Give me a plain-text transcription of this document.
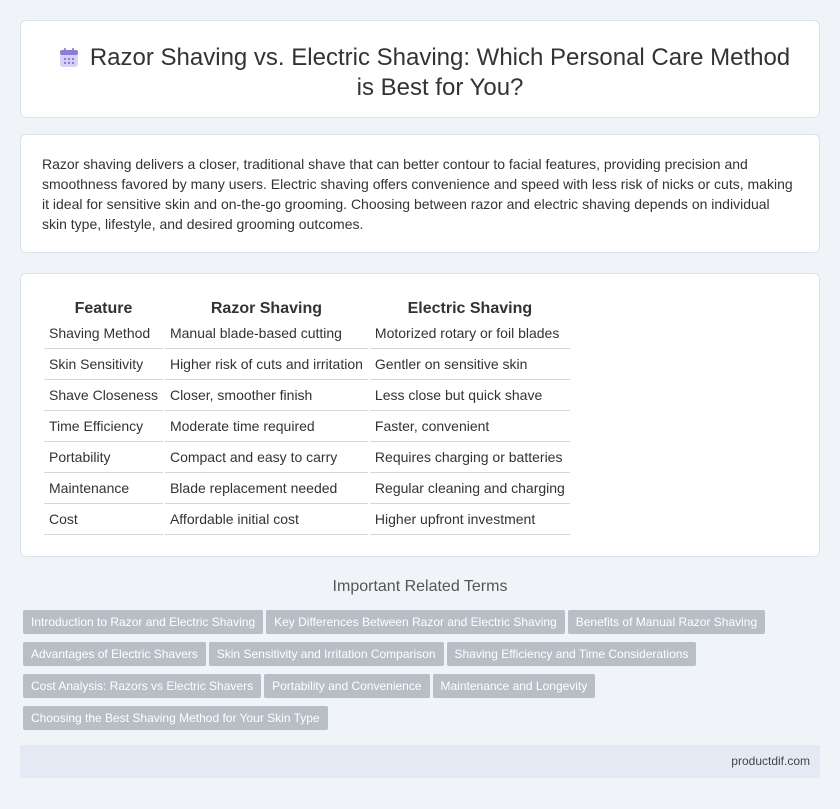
Razor Shaving vs. Electric Shaving: Which Personal Care Method is Best for You?

Razor shaving delivers a closer, traditional shave that can better contour to facial features, providing precision and smoothness favored by many users. Electric shaving offers convenience and speed with less risk of nicks or cuts, making it ideal for sensitive skin and on-the-go grooming. Choosing between razor and electric shaving depends on individual skin type, lifestyle, and desired grooming outcomes.

Feature	Razor Shaving	Electric Shaving
Shaving Method	Manual blade-based cutting	Motorized rotary or foil blades
Skin Sensitivity	Higher risk of cuts and irritation	Gentler on sensitive skin
Shave Closeness	Closer, smoother finish	Less close but quick shave
Time Efficiency	Moderate time required	Faster, convenient
Portability	Compact and easy to carry	Requires charging or batteries
Maintenance	Blade replacement needed	Regular cleaning and charging
Cost	Affordable initial cost	Higher upfront investment
Important Related Terms
Introduction to Razor and Electric Shaving Key Differences Between Razor and Electric Shaving Benefits of Manual Razor Shaving
Advantages of Electric Shavers Skin Sensitivity and Irritation Comparison Shaving Efficiency and Time Considerations
Cost Analysis: Razors vs Electric Shavers Portability and Convenience Maintenance and Longevity
Choosing the Best Shaving Method for Your Skin Type
productdif.com
